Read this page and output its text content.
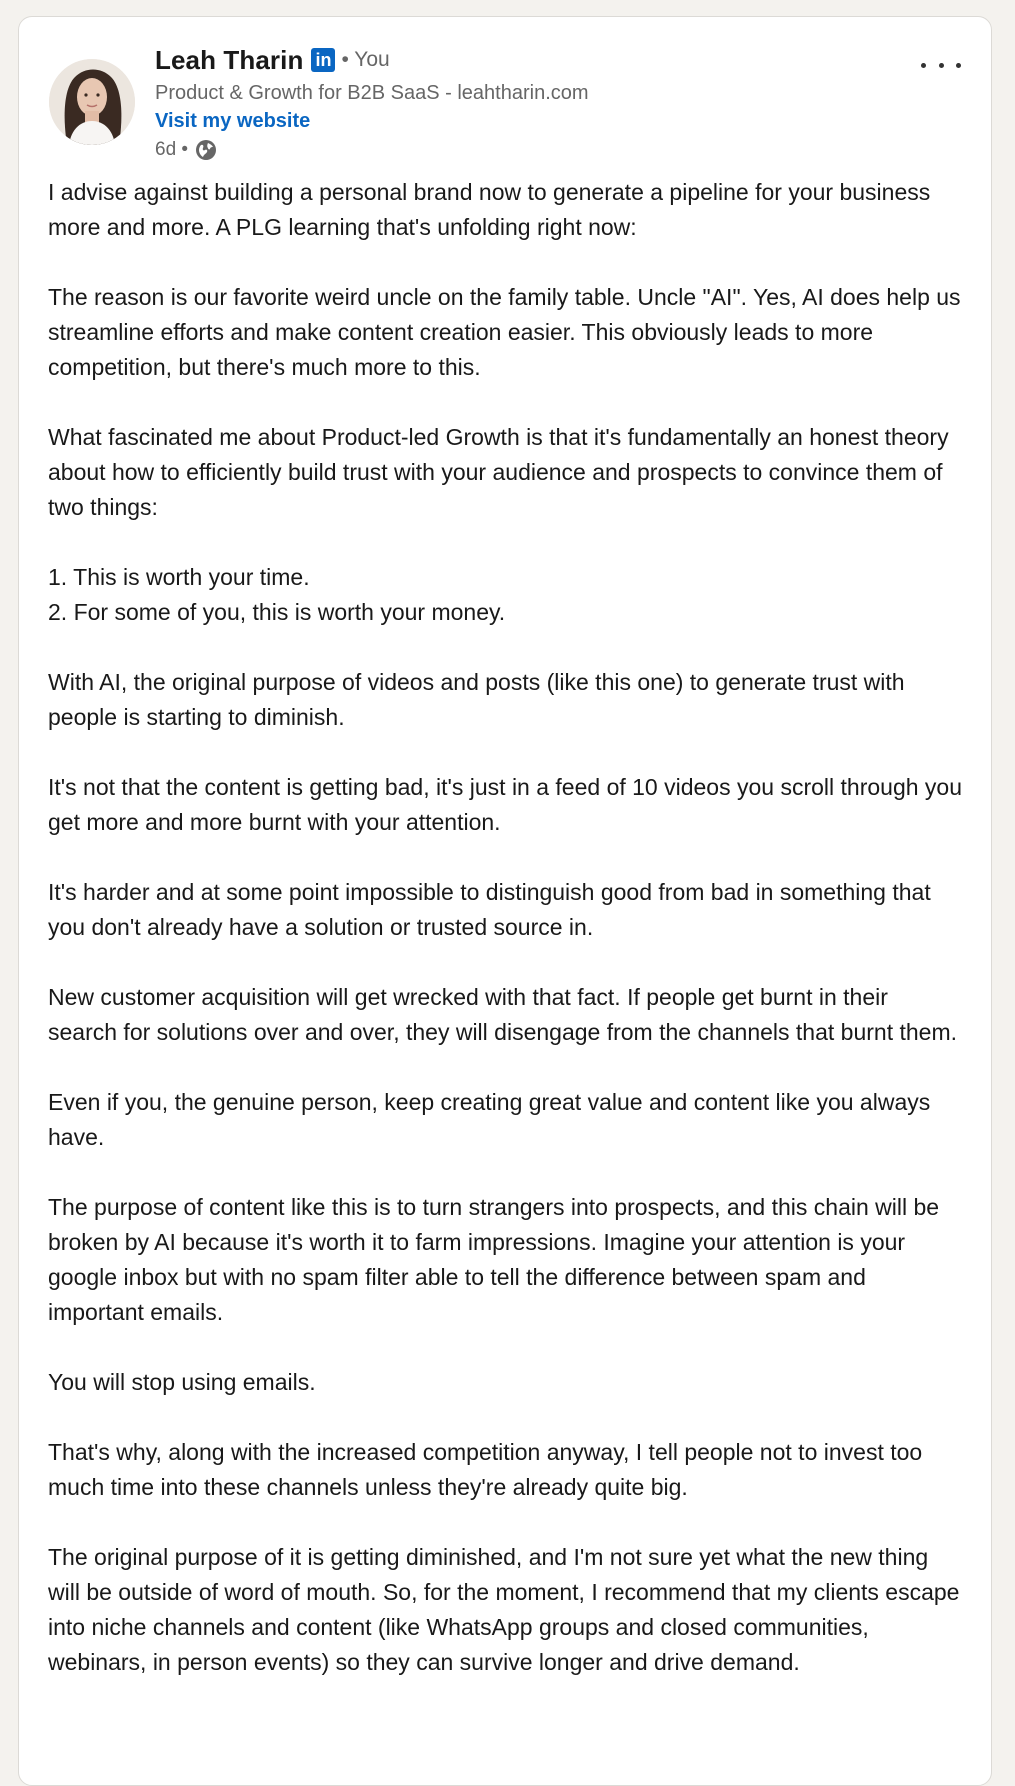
Leah Tharin in • You
Product & Growth for B2B SaaS - leahtharin.com
Visit my website
6d •

I advise against building a personal brand now to generate a pipeline for your business more and more. A PLG learning that's unfolding right now:

The reason is our favorite weird uncle on the family table. Uncle "AI". Yes, AI does help us streamline efforts and make content creation easier. This obviously leads to more competition, but there's much more to this.

What fascinated me about Product-led Growth is that it's fundamentally an honest theory about how to efficiently build trust with your audience and prospects to convince them of two things:

1. This is worth your time.
2. For some of you, this is worth your money.

With AI, the original purpose of videos and posts (like this one) to generate trust with people is starting to diminish.

It's not that the content is getting bad, it's just in a feed of 10 videos you scroll through you get more and more burnt with your attention.

It's harder and at some point impossible to distinguish good from bad in something that you don't already have a solution or trusted source in.

New customer acquisition will get wrecked with that fact. If people get burnt in their search for solutions over and over, they will disengage from the channels that burnt them.

Even if you, the genuine person, keep creating great value and content like you always have.

The purpose of content like this is to turn strangers into prospects, and this chain will be broken by AI because it's worth it to farm impressions. Imagine your attention is your google inbox but with no spam filter able to tell the difference between spam and important emails.

You will stop using emails.

That's why, along with the increased competition anyway, I tell people not to invest too much time into these channels unless they're already quite big.

The original purpose of it is getting diminished, and I'm not sure yet what the new thing will be outside of word of mouth. So, for the moment, I recommend that my clients escape into niche channels and content (like WhatsApp groups and closed communities, webinars, in person events) so they can survive longer and drive demand.
